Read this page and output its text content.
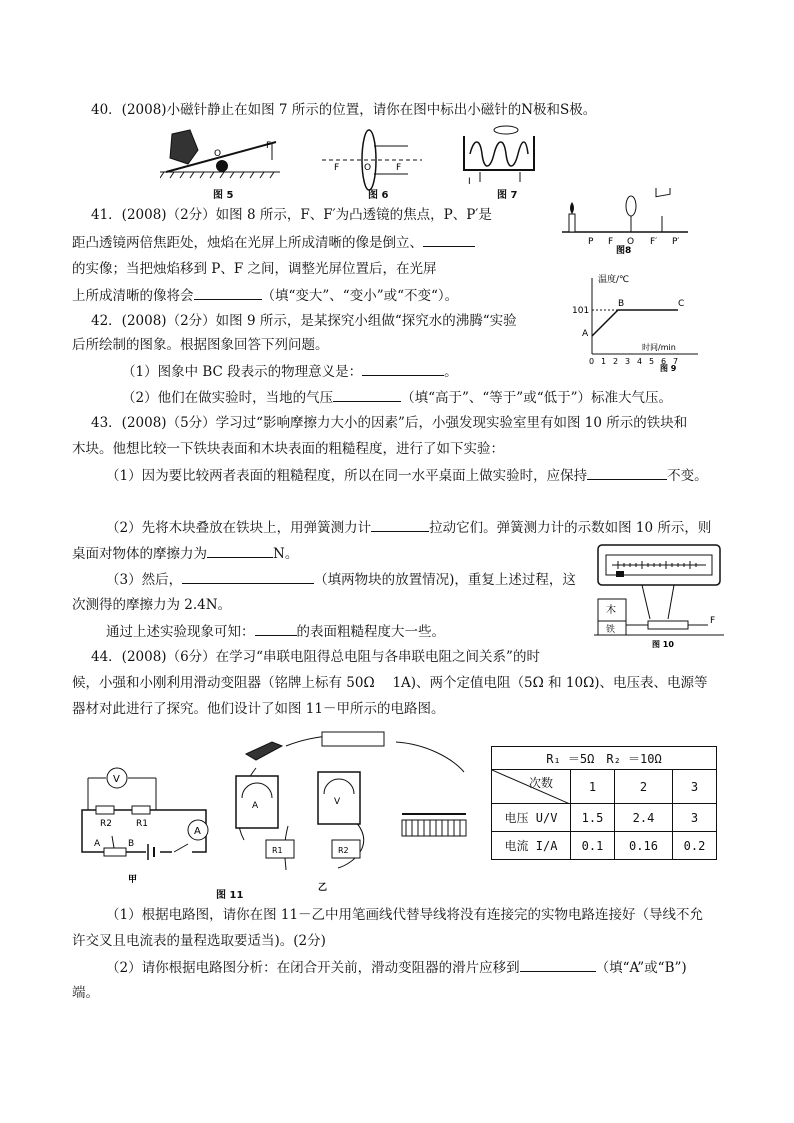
40．(2008)小磁针静止在如图 7 所示的位置，请你在图中标出小磁针的N极和S极。
O
F
图 5
F	O	F
图 6
I
图 7
41．(2008)（2分）如图 8 所示，F、F′为凸透镜的焦点，P、P′是
距凸透镜两倍焦距处，烛焰在光屏上所成清晰的像是倒立、
的实像；当把烛焰移到 P、F 之间，调整光屏位置后，在光屏
上所成清晰的像将会	（填“变大”、“变小”或“不变“）。
P F O F′ P′
图8
42．(2008)（2分）如图 9 所示，是某探究小组做“探究水的沸腾“实验
后所绘制的图象。根据图象回答下列问题。
（1）图象中 BC 段表示的物理意义是：	。
（2）他们在做实验时，当地的气压	（填“高于”、“等于”或“低于”）标准大气压。
温度/℃
时间/min
101
A
B	C
0 1 2 3 4 5 6 7
图 9
43．(2008)（5分）学习过“影响摩擦力大小的因素”后，小强发现实验室里有如图 10 所示的铁块和
木块。他想比较一下铁块表面和木块表面的粗糙程度，进行了如下实验：
（1）因为要比较两者表面的粗糙程度，所以在同一水平桌面上做实验时，应保持	不变。
（2）先将木块叠放在铁块上，用弹簧测力计	拉动它们。弹簧测力计的示数如图 10 所示，则
桌面对物体的摩擦力为	N。
（3）然后，	（填两物块的放置情况)，重复上述过程，这
次测得的摩擦力为 2.4N。
通过上述实验现象可知：	的表面粗糙程度大一些。
木
铁
F
图 10
44．(2008)（6分）在学习“串联电阻得总电阻与各串联电阻之间关系”的时
候，小强和小刚利用滑动变阻器（铭牌上标有 50Ω　 1A)、两个定值电阻（5Ω 和 10Ω)、电压表、电源等
器材对此进行了探究。他们设计了如图 11－甲所示的电路图。
V
R2	R1
A
A	B
甲
图 11
A	V
R1	R2
乙
R₁ ＝5Ω　R₂ ＝10Ω			

次数	1	2	3
电压 U/V	1.5	2.4	3
电流 I/A	0.1	0.16	0.2
（1）根据电路图，请你在图 11－乙中用笔画线代替导线将没有连接完的实物电路连接好（导线不允
许交叉且电流表的量程选取要适当)。(2分)
（2）请你根据电路图分析：在闭合开关前，滑动变阻器的滑片应移到	（填“A”或“B”)
端。
